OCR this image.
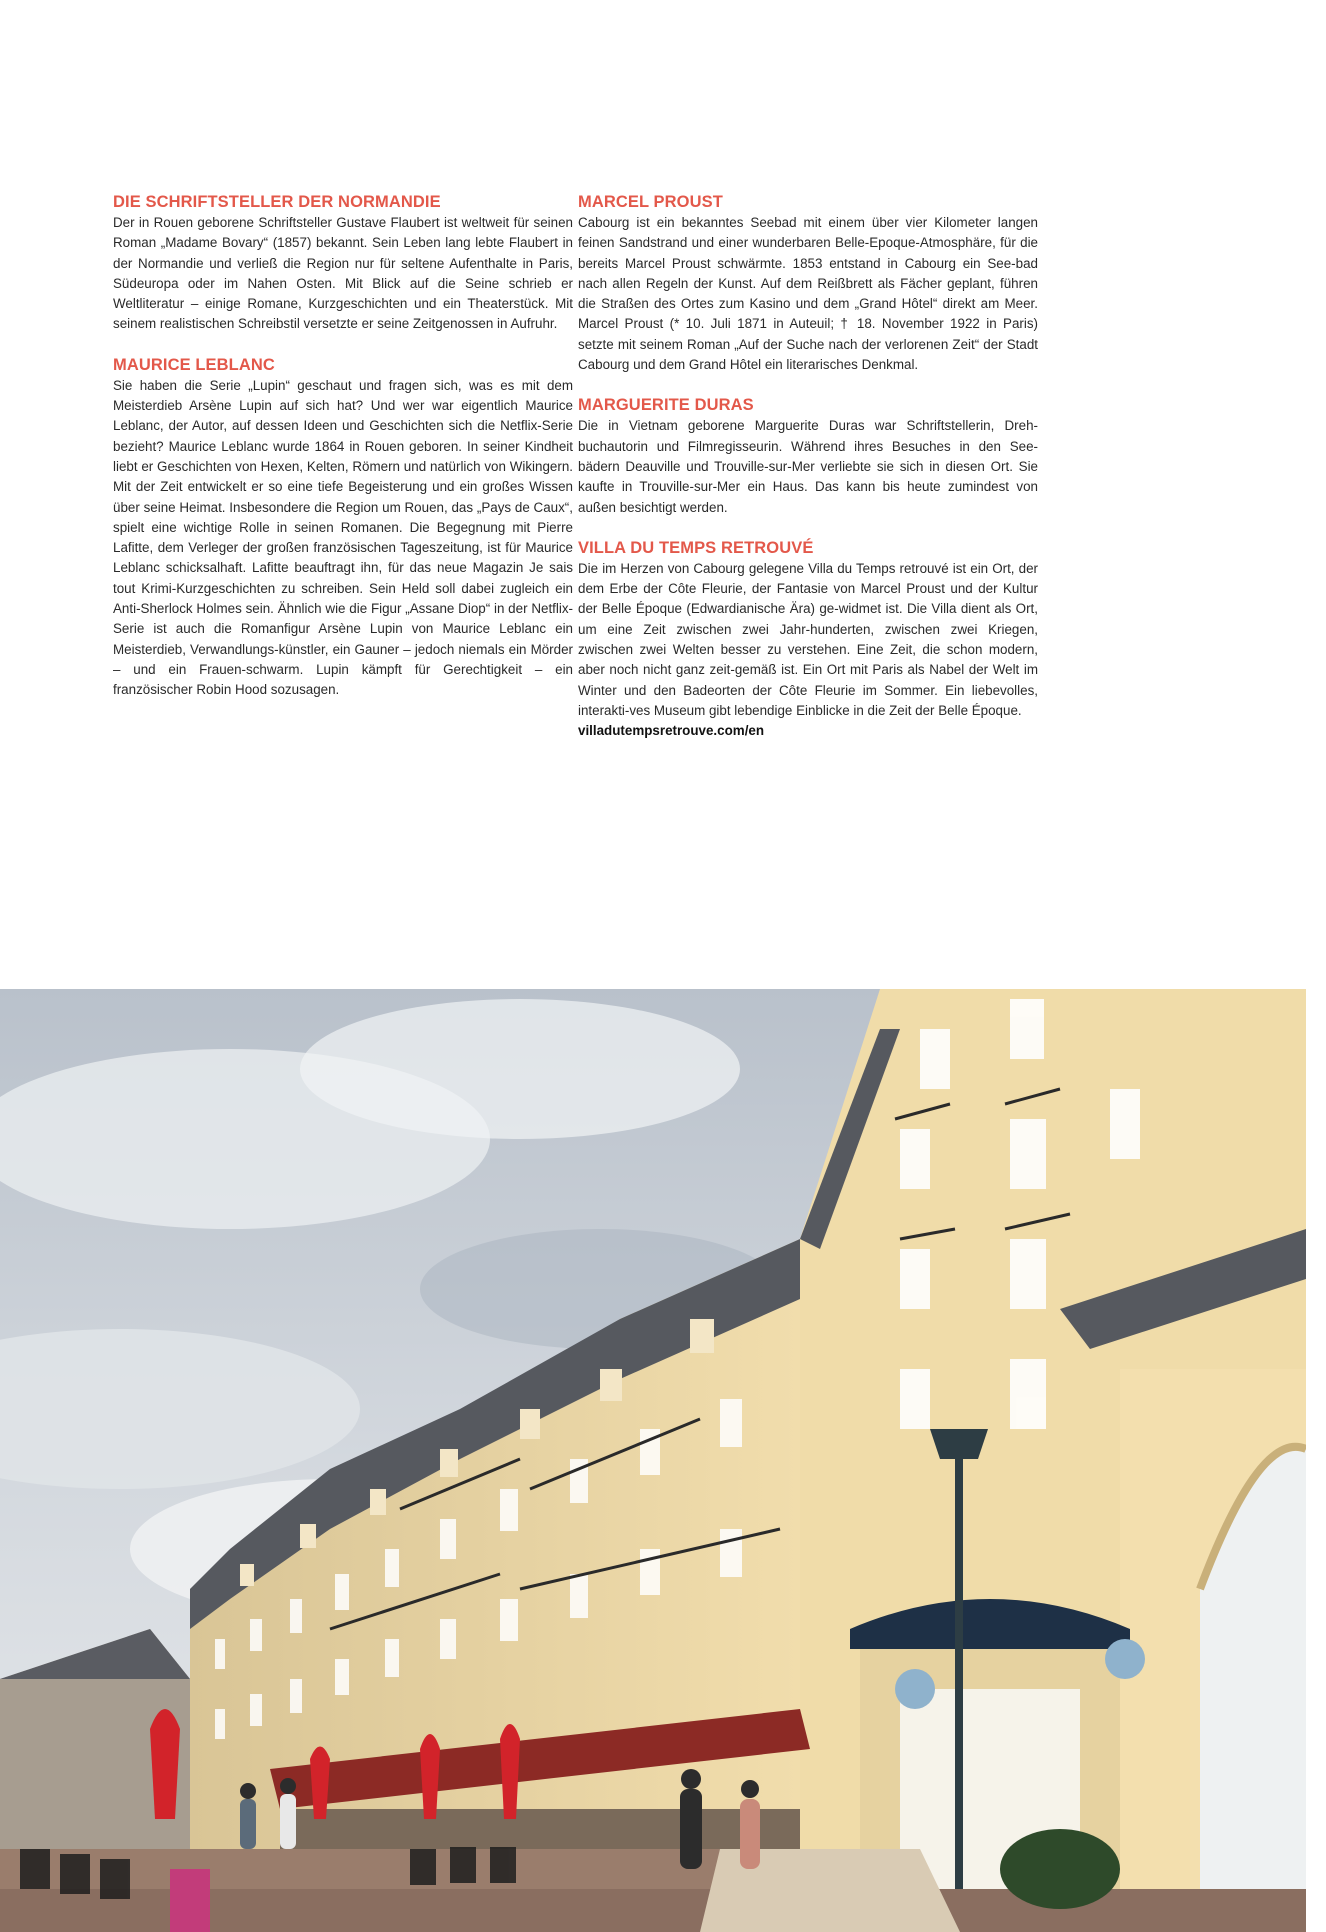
DIE SCHRIFTSTELLER DER NORMANDIE

Der in Rouen geborene Schriftsteller Gustave Flaubert ist weltweit für seinen Roman „Madame Bovary“ (1857) bekannt. Sein Leben lang lebte Flaubert in der Normandie und verließ die Region nur für seltene Aufenthalte in Paris, Südeuropa oder im Nahen Osten. Mit Blick auf die Seine schrieb er Weltliteratur – einige Romane, Kurzgeschichten und ein Theaterstück. Mit seinem realistischen Schreibstil versetzte er seine Zeitgenossen in Aufruhr.

MAURICE LEBLANC

Sie haben die Serie „Lupin“ geschaut und fragen sich, was es mit dem Meisterdieb Arsène Lupin auf sich hat? Und wer war eigentlich Maurice Leblanc, der Autor, auf dessen Ideen und Geschichten sich die Netflix-Serie bezieht? Maurice Leblanc wurde 1864 in Rouen geboren. In seiner Kindheit liebt er Geschichten von Hexen, Kelten, Römern und natürlich von Wikingern. Mit der Zeit entwickelt er so eine tiefe Begeisterung und ein großes Wissen über seine Heimat. Insbesondere die Region um Rouen, das „Pays de Caux“, spielt eine wichtige Rolle in seinen Romanen. Die Begegnung mit Pierre Lafitte, dem Verleger der großen französischen Tageszeitung, ist für Maurice Leblanc schicksalhaft. Lafitte beauftragt ihn, für das neue Magazin Je sais tout Krimi-Kurzgeschichten zu schreiben. Sein Held soll dabei zugleich ein Anti-Sherlock Holmes sein. Ähnlich wie die Figur „Assane Diop“ in der Netflix-Serie ist auch die Romanfigur Arsène Lupin von Maurice Leblanc ein Meisterdieb, Verwandlungs-künstler, ein Gauner – jedoch niemals ein Mörder – und ein Frauen-schwarm. Lupin kämpft für Gerechtigkeit – ein französischer Robin Hood sozusagen.

MARCEL PROUST

Cabourg ist ein bekanntes Seebad mit einem über vier Kilometer langen feinen Sandstrand und einer wunderbaren Belle-Epoque-Atmosphäre, für die bereits Marcel Proust schwärmte. 1853 entstand in Cabourg ein See-bad nach allen Regeln der Kunst. Auf dem Reißbrett als Fächer geplant, führen die Straßen des Ortes zum Kasino und dem „Grand Hôtel“ direkt am Meer. Marcel Proust (* 10. Juli 1871 in Auteuil; † 18. November 1922 in Paris) setzte mit seinem Roman „Auf der Suche nach der verlorenen Zeit“ der Stadt Cabourg und dem Grand Hôtel ein literarisches Denkmal.

MARGUERITE DURAS

Die in Vietnam geborene Marguerite Duras war Schriftstellerin, Dreh-buchautorin und Filmregisseurin. Während ihres Besuches in den See-bädern Deauville und Trouville-sur-Mer verliebte sie sich in diesen Ort. Sie kaufte in Trouville-sur-Mer ein Haus. Das kann bis heute zumindest von außen besichtigt werden.

VILLA DU TEMPS RETROUVÉ

Die im Herzen von Cabourg gelegene Villa du Temps retrouvé ist ein Ort, der dem Erbe der Côte Fleurie, der Fantasie von Marcel Proust und der Kultur der Belle Époque (Edwardianische Ära) ge-widmet ist. Die Villa dient als Ort, um eine Zeit zwischen zwei Jahr-hunderten, zwischen zwei Kriegen, zwischen zwei Welten besser zu verstehen. Eine Zeit, die schon modern, aber noch nicht ganz zeit-gemäß ist. Ein Ort mit Paris als Nabel der Welt im Winter und den Badeorten der Côte Fleurie im Sommer. Ein liebevolles, interakti-ves Museum gibt lebendige Einblicke in die Zeit der Belle Époque.

villadutempsretrouve.com/en
